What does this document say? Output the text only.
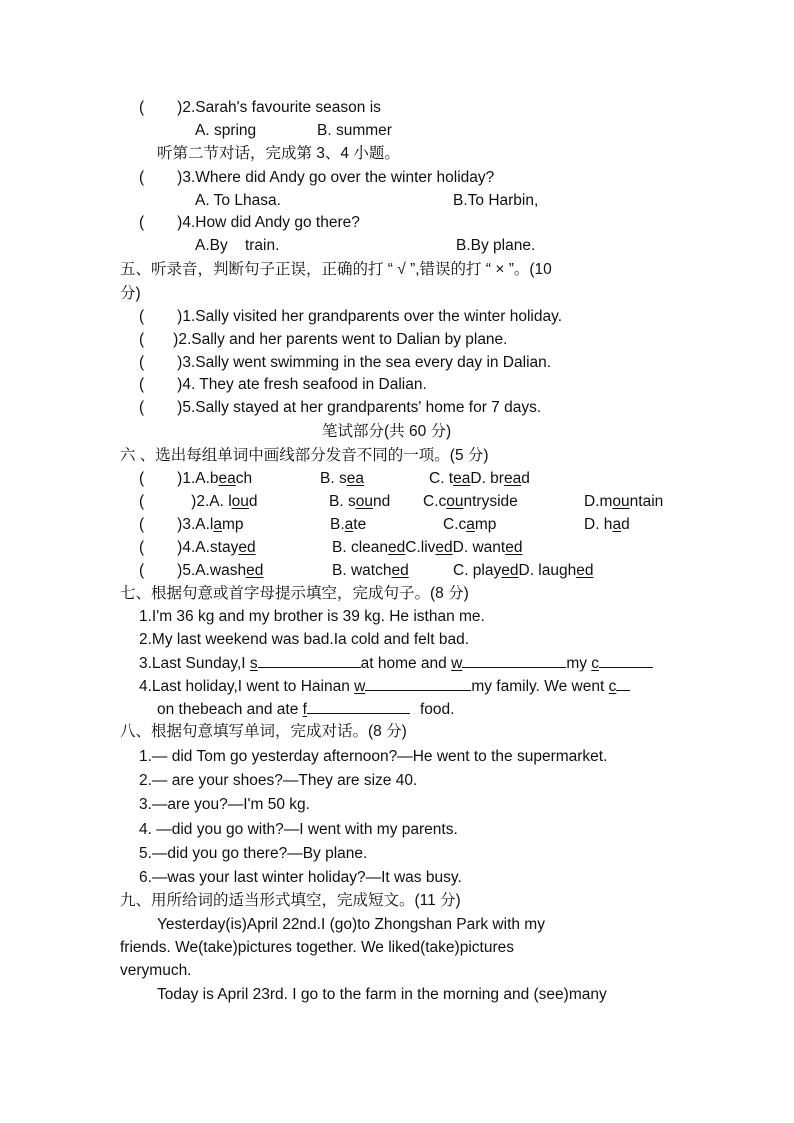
( )2.Sarah's favourite season is
A. spring	B. summer
听第二节对话，完成第 3、4 小题。
( )3.Where did Andy go over the winter holiday?
A. To Lhasa.	B.To Harbin,
( )4.How did Andy go there?
A.By    train.	B.By plane.
五、听录音，判断句子正误，正确的打 “ √ ”,错误的打 “ × ”。(10
分)
( )1.Sally visited her grandparents over the winter holiday.
( )2.Sally and her parents went to Dalian by plane.
( )3.Sally went swimming in the sea every day in Dalian.
( )4. They ate fresh seafood in Dalian.
( )5.Sally stayed at her grandparents' home for 7 days.
笔试部分(共 60 分)
六 、选出每组单词中画线部分发音不同的一项。(5 分)
( )1.A.beach	B. sea	C. teaD. bread
(	)2.A. loud	B. sound C.countryside	D.mountain
( )3.A.lamp	B.ate	C.camp	D. had
( )4.A.stayed	B. cleanedC.livedD. wanted
( )5.A.washed	B. watched	C. playedD. laughed
七、根据句意或首字母提示填空，完成句子。(8 分)
1.I'm 36 kg and my brother is 39 kg. He isthan me.
2.My last weekend was bad.Ia cold and felt bad.
3.Last Sunday,I s	at home and w	my c
4.Last holiday,I went to Hainan w	my family. We went c
on thebeach and ate f	food.
八、根据句意填写单词，完成对话。(8 分)
1.— did Tom go yesterday afternoon?—He went to the supermarket.
2.— are your shoes?—They are size 40.
3.—are you?—I'm 50 kg.
4. —did you go with?—I went with my parents.
5.—did you go there?—By plane.
6.—was your last winter holiday?—It was busy.
九、用所给词的适当形式填空，完成短文。(11 分)
Yesterday(is)April 22nd.I (go)to Zhongshan Park with my
friends. We(take)pictures together. We liked(take)pictures
verymuch.
Today is April 23rd. I go to the farm in the morning and (see)many
